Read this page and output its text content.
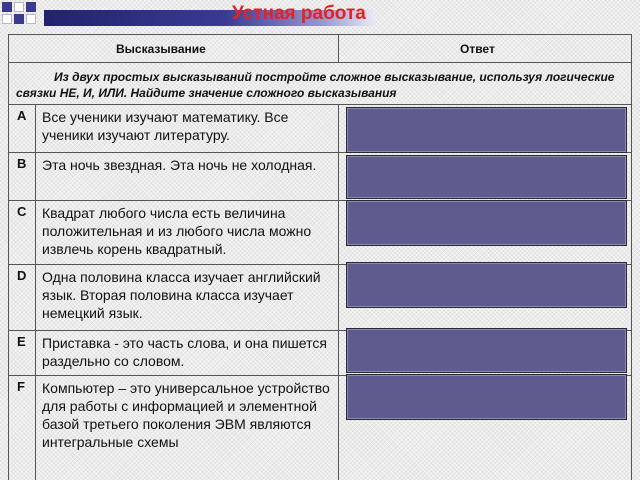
Устная работа
Высказывание	Ответ
Из двух простых высказываний постройте сложное высказывание, используя логические связки НЕ, И, ИЛИ. Найдите значение сложного высказывания
A Все ученики изучают математику. Все ученики изучают литературу.
B Эта ночь звездная. Эта ночь не холодная.
C Квадрат любого числа есть величина положительная и из любого числа можно извлечь корень квадратный.
D Одна половина класса изучает английский язык. Вторая половина класса изучает немецкий язык.
E Приставка - это часть слова, и она пишется раздельно со словом.
F Компьютер – это универсальное устройство для работы с информацией и элементной базой третьего поколения ЭВМ являются интегральные схемы
